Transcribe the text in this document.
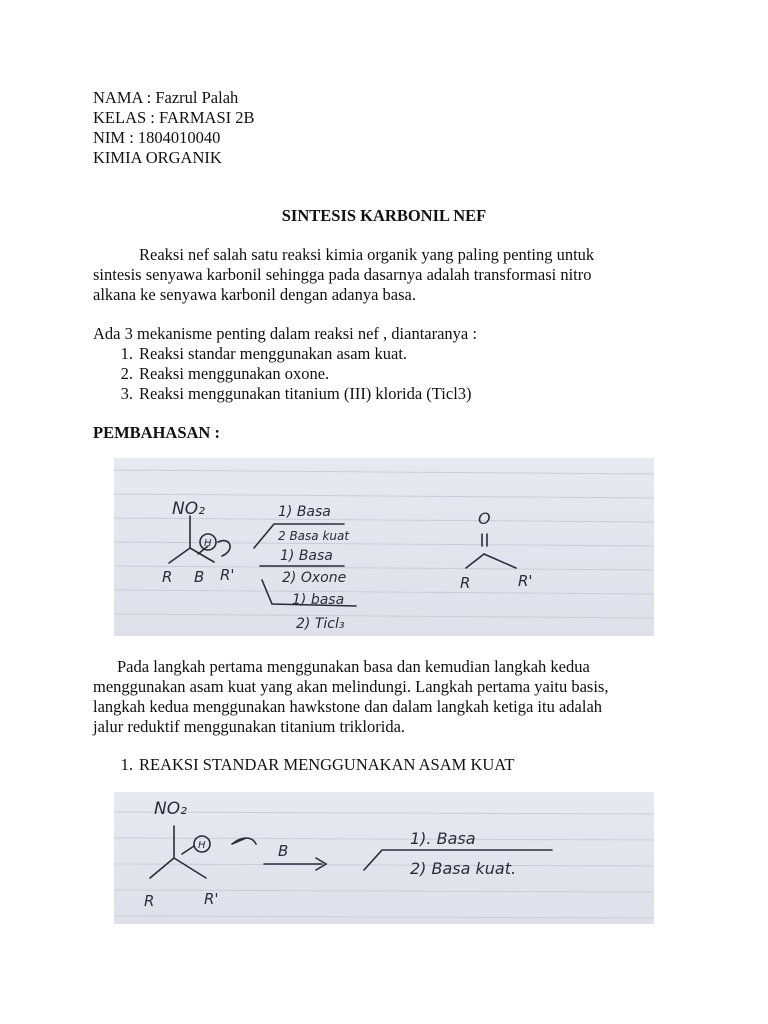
NAMA : Fazrul Palah
KELAS : FARMASI 2B
NIM : 1804010040
KIMIA ORGANIK
SINTESIS KARBONIL NEF
Reaksi nef salah satu reaksi kimia organik yang paling penting untuk
sintesis senyawa karbonil sehingga pada dasarnya adalah transformasi nitro
alkana ke senyawa karbonil dengan adanya basa.
Ada 3 mekanisme penting dalam reaksi nef , diantaranya :
1. Reaksi standar menggunakan asam kuat.
2. Reaksi menggunakan oxone.
3. Reaksi menggunakan titanium (III) klorida (Ticl3)
PEMBAHASAN :
NO₂
H
R B R'
1) Basa
2 Basa kuat
1) Basa
2) Oxone
1) basa
2) Ticl₃
O
R	R'
Pada langkah pertama menggunakan basa dan kemudian langkah kedua
menggunakan asam kuat yang akan melindungi. Langkah pertama yaitu basis,
langkah kedua menggunakan hawkstone dan dalam langkah ketiga itu adalah
jalur reduktif menggunakan titanium triklorida.
1. REAKSI STANDAR MENGGUNAKAN ASAM KUAT
NO₂
H
R	R'
B
1). Basa
2) Basa kuat.
